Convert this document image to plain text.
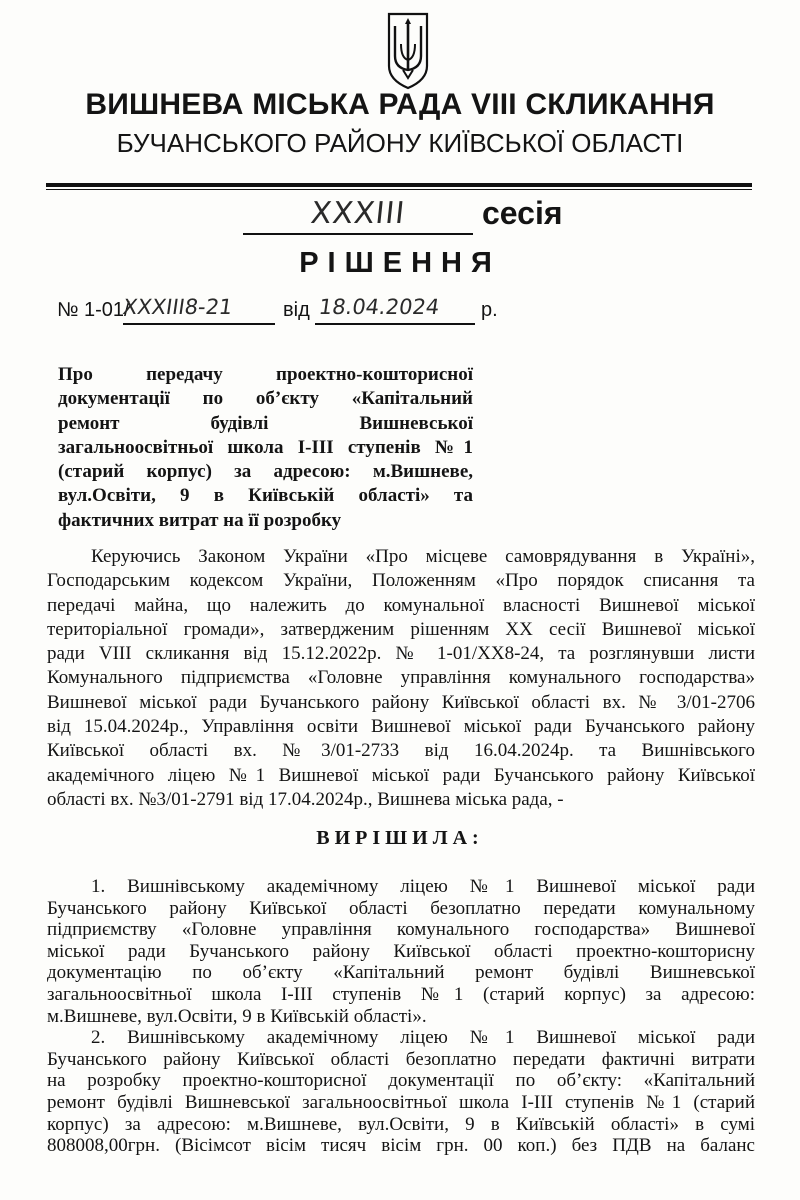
ВИШНЕВА МІСЬКА РАДА VIII СКЛИКАННЯ
БУЧАНСЬКОГО РАЙОНУ КИЇВСЬКОЇ ОБЛАСТІ
XXXIII	сесія
РІШЕННЯ
№ 1-01/
XXXIII8-21 від 18.04.2024 р.
Про передачу проектно-кошторисної
документації по об’єкту «Капітальний
ремонт будівлі Вишневської
загальноосвітньої школа І-ІІІ ступенів №1
(старий корпус) за адресою: м.Вишневе,
вул.Освіти, 9 в Київській області» та
фактичних витрат на її розробку
Керуючись Законом України «Про місцеве самоврядування в Україні»,
Господарським кодексом України, Положенням «Про порядок списання та
передачі майна, що належить до комунальної власності Вишневої міської
територіальної громади», затвердженим рішенням ХХ сесії Вишневої міської
ради VIII скликання від 15.12.2022р. № 1-01/ХХ8-24, та розглянувши листи
Комунального підприємства «Головне управління комунального господарства»
Вишневої міської ради Бучанського району Київської області вх. № 3/01-2706
від 15.04.2024р., Управління освіти Вишневої міської ради Бучанського району
Київської області вх. №3/01-2733 від 16.04.2024р. та Вишнівського
академічного ліцею №1 Вишневої міської ради Бучанського району Київської
області вх. №3/01-2791 від 17.04.2024р., Вишнева міська рада, -
ВИРІШИЛА:
1. Вишнівському академічному ліцею №1 Вишневої міської ради
Бучанського району Київської області безоплатно передати комунальному
підприємству «Головне управління комунального господарства» Вишневої
міської ради Бучанського району Київської області проектно-кошторисну
документацію по об’єкту «Капітальний ремонт будівлі Вишневської
загальноосвітньої школа І-ІІІ ступенів №1 (старий корпус) за адресою:
м.Вишневе, вул.Освіти, 9 в Київській області».
2. Вишнівському академічному ліцею №1 Вишневої міської ради
Бучанського району Київської області безоплатно передати фактичні витрати
на розробку проектно-кошторисної документації по об’єкту: «Капітальний
ремонт будівлі Вишневської загальноосвітньої школа І-ІІІ ступенів №1 (старий
корпус) за адресою: м.Вишневе, вул.Освіти, 9 в Київській області» в сумі
808008,00грн. (Вісімсот вісім тисяч вісім грн. 00 коп.) без ПДВ на баланс
